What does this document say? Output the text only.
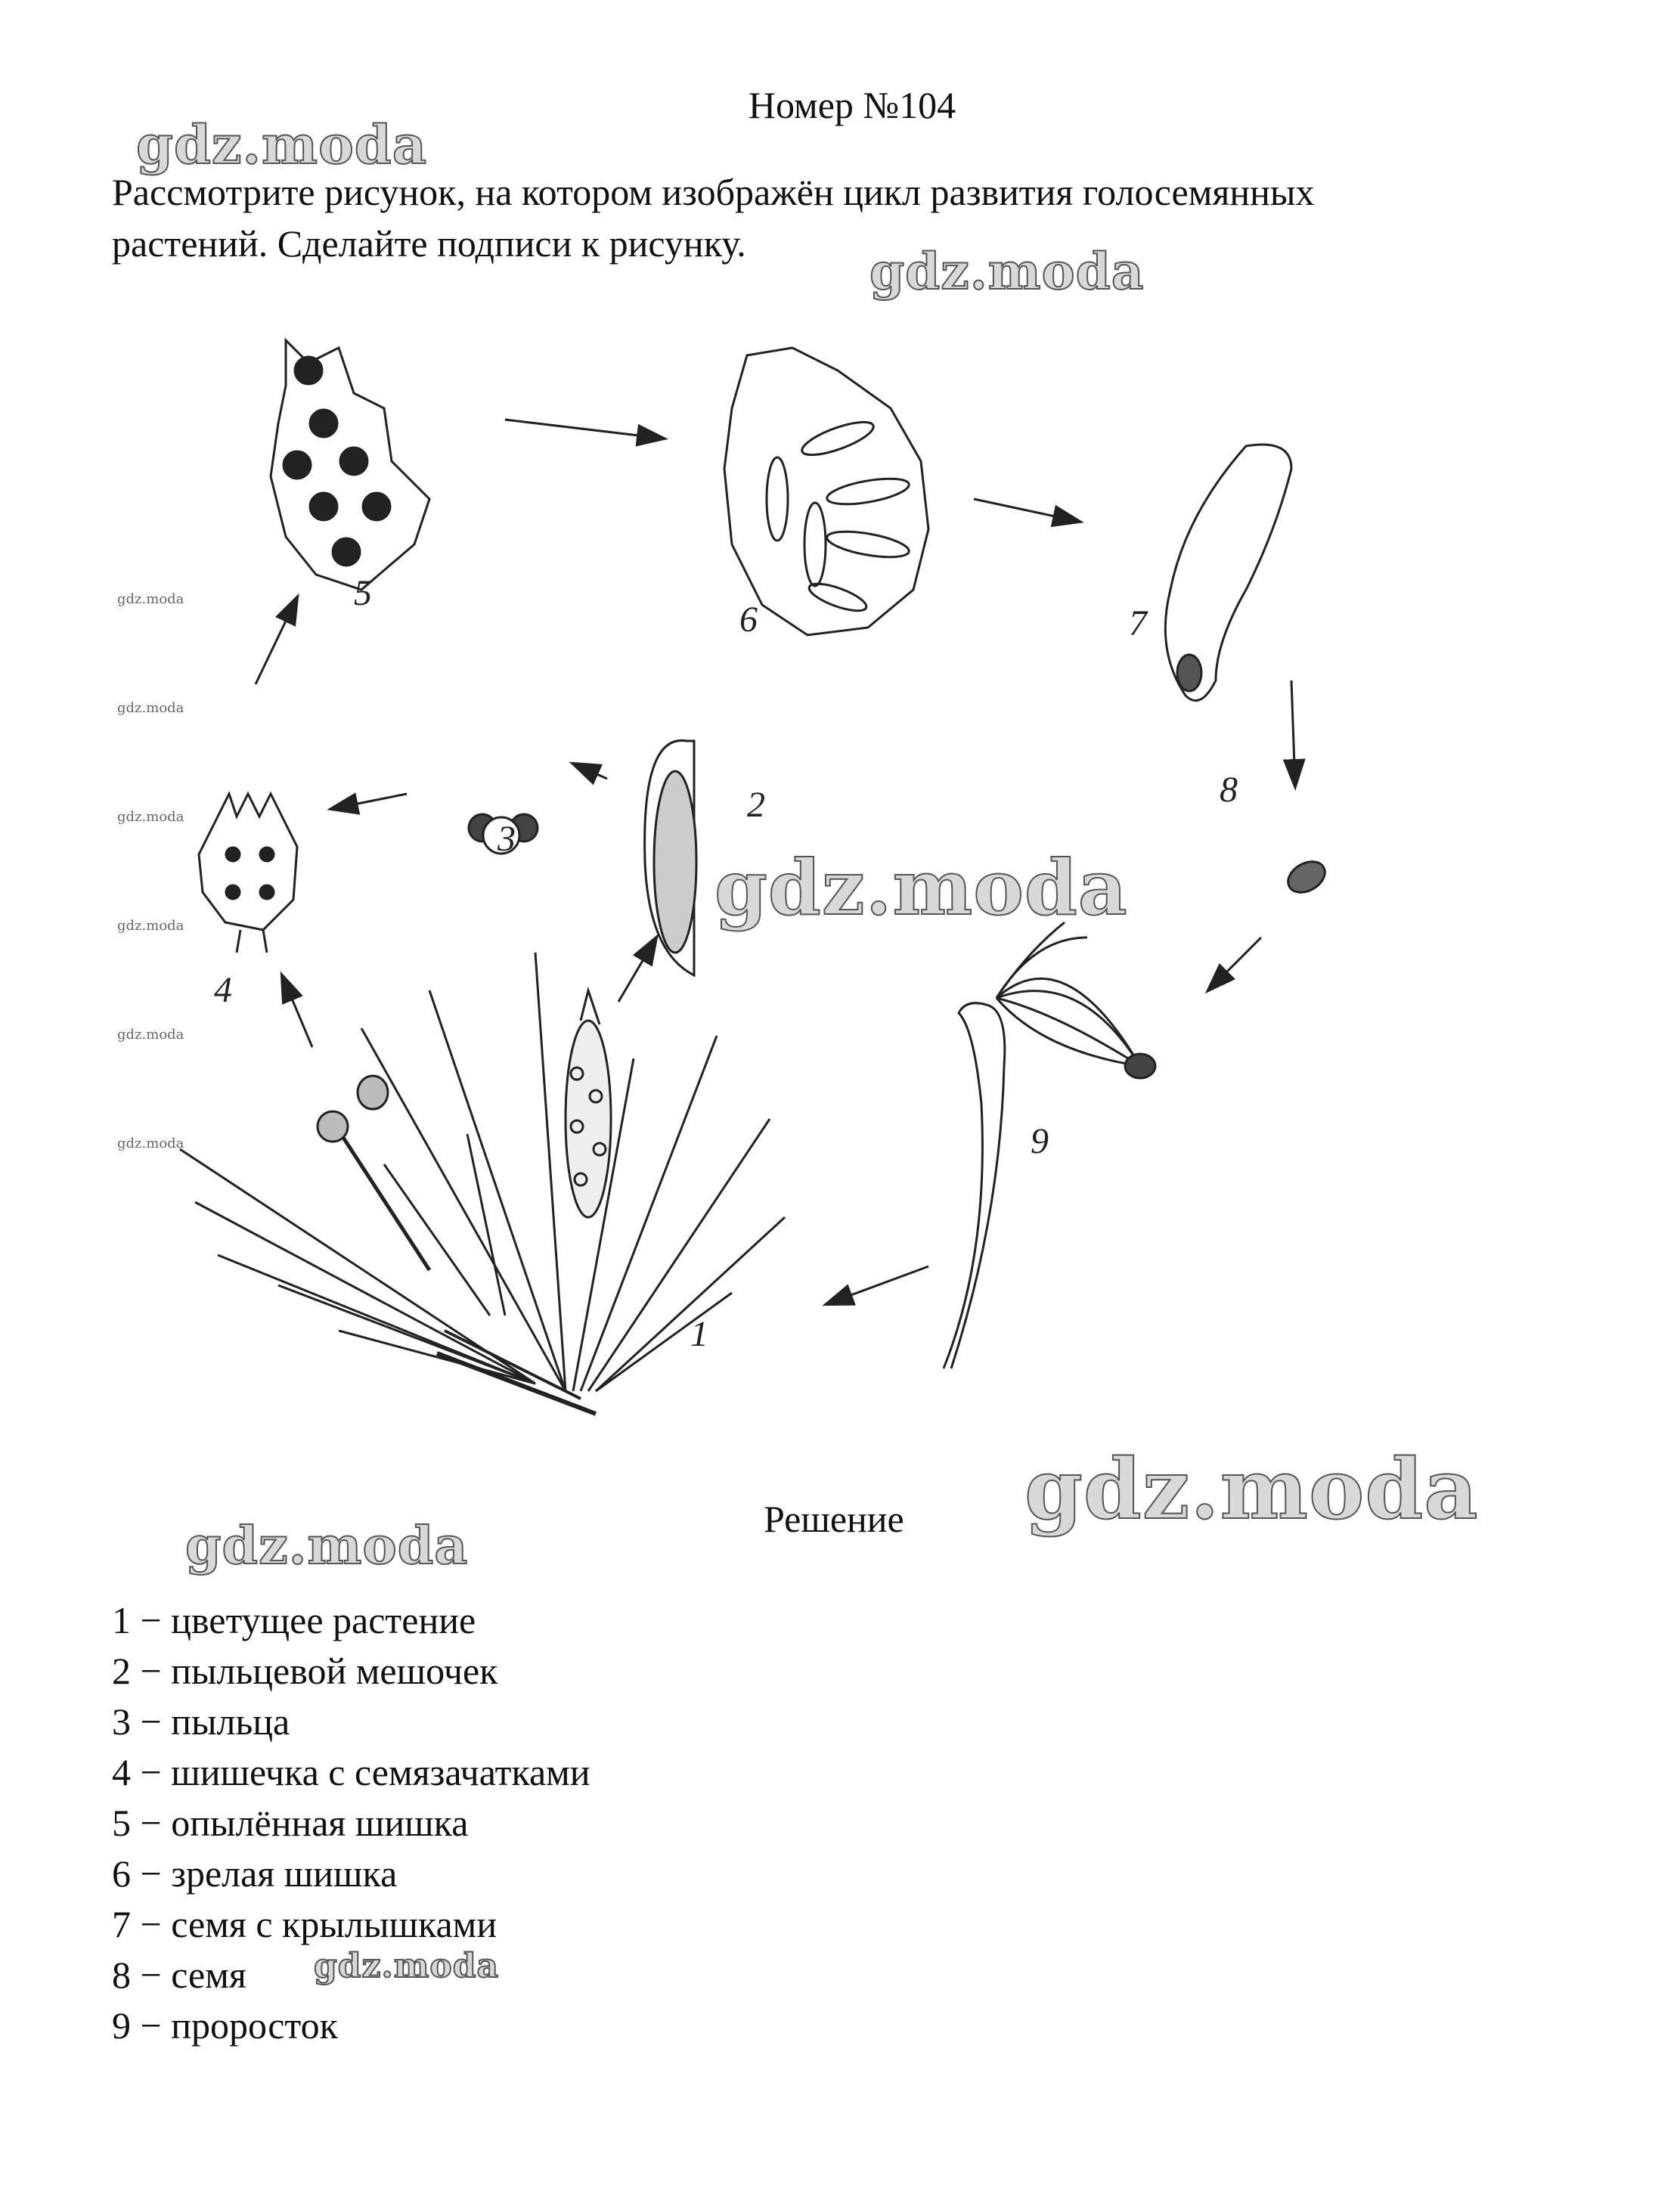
Номер №104

Рассмотрите рисунок, на котором изображён цикл развития голосемянных

растений. Сделайте подписи к рисунку.

1
2
3
4
5
6	7
8
9
Решение
1 − цветущее растение
2 − пыльцевой мешочек
3 − пыльца
4 − шишечка с семязачатками
5 − опылённая шишка
6 − зрелая шишка
7 − семя с крылышками
8 − семя
9 − проросток
gdz.moda
gdz.moda
gdz.moda
gdz.moda
gdz.moda
gdz.moda
gdz.moda
gdz.moda
gdz.moda
gdz.moda
gdz.moda
gdz.moda
